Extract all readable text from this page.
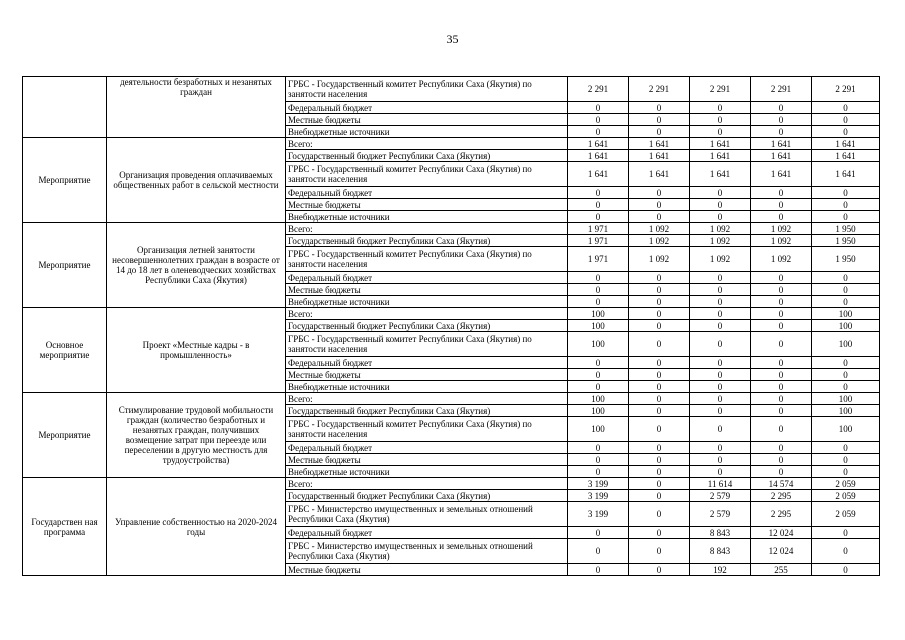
35
	деятельности безработных и незанятых граждан	ГРБС - Государственный комитет Республики Саха (Якутия) по занятости населения	2 291	2 291	2 291	2 291	2 291
		Федеральный бюджет	0	0	0	0	0
		Местные бюджеты	0	0	0	0	0
		Внебюджетные источники	0	0	0	0	0
Мероприятие	Организация проведения оплачиваемых общественных работ в сельской местности	Всего:	1 641	1 641	1 641	1 641	1 641
		Государственный бюджет Республики Саха (Якутия)	1 641	1 641	1 641	1 641	1 641
		ГРБС - Государственный комитет Республики Саха (Якутия) по занятости населения	1 641	1 641	1 641	1 641	1 641
		Федеральный бюджет	0	0	0	0	0
		Местные бюджеты	0	0	0	0	0
		Внебюджетные источники	0	0	0	0	0
Мероприятие	Организация летней занятости несовершеннолетних граждан в возрасте от 14 до 18 лет в оленеводческих хозяйствах Республики Саха (Якутия)	Всего:	1 971	1 092	1 092	1 092	1 950
		Государственный бюджет Республики Саха (Якутия)	1 971	1 092	1 092	1 092	1 950
		ГРБС - Государственный комитет Республики Саха (Якутия) по занятости населения	1 971	1 092	1 092	1 092	1 950
		Федеральный бюджет	0	0	0	0	0
		Местные бюджеты	0	0	0	0	0
		Внебюджетные источники	0	0	0	0	0
Основное мероприятие	Проект «Местные кадры - в промышленность»	Всего:	100	0	0	0	100
		Государственный бюджет Республики Саха (Якутия)	100	0	0	0	100
		ГРБС - Государственный комитет Республики Саха (Якутия) по занятости населения	100	0	0	0	100
		Федеральный бюджет	0	0	0	0	0
		Местные бюджеты	0	0	0	0	0
		Внебюджетные источники	0	0	0	0	0
Мероприятие	Стимулирование трудовой мобильности граждан (количество безработных и незанятых граждан, получивших возмещение затрат при переезде или переселении в другую местность для трудоустройства)	Всего:	100	0	0	0	100
		Государственный бюджет Республики Саха (Якутия)	100	0	0	0	100
		ГРБС - Государственный комитет Республики Саха (Якутия) по занятости населения	100	0	0	0	100
		Федеральный бюджет	0	0	0	0	0
		Местные бюджеты	0	0	0	0	0
		Внебюджетные источники	0	0	0	0	0
Государствен ная программа	Управление собственностью на 2020-2024 годы	Всего:	3 199	0	11 614	14 574	2 059
		Государственный бюджет Республики Саха (Якутия)	3 199	0	2 579	2 295	2 059
		ГРБС - Министерство имущественных и земельных отношений Республики Саха (Якутия)	3 199	0	2 579	2 295	2 059
		Федеральный бюджет	0	0	8 843	12 024	0
		ГРБС - Министерство имущественных и земельных отношений Республики Саха (Якутия)	0	0	8 843	12 024	0
		Местные бюджеты	0	0	192	255	0
